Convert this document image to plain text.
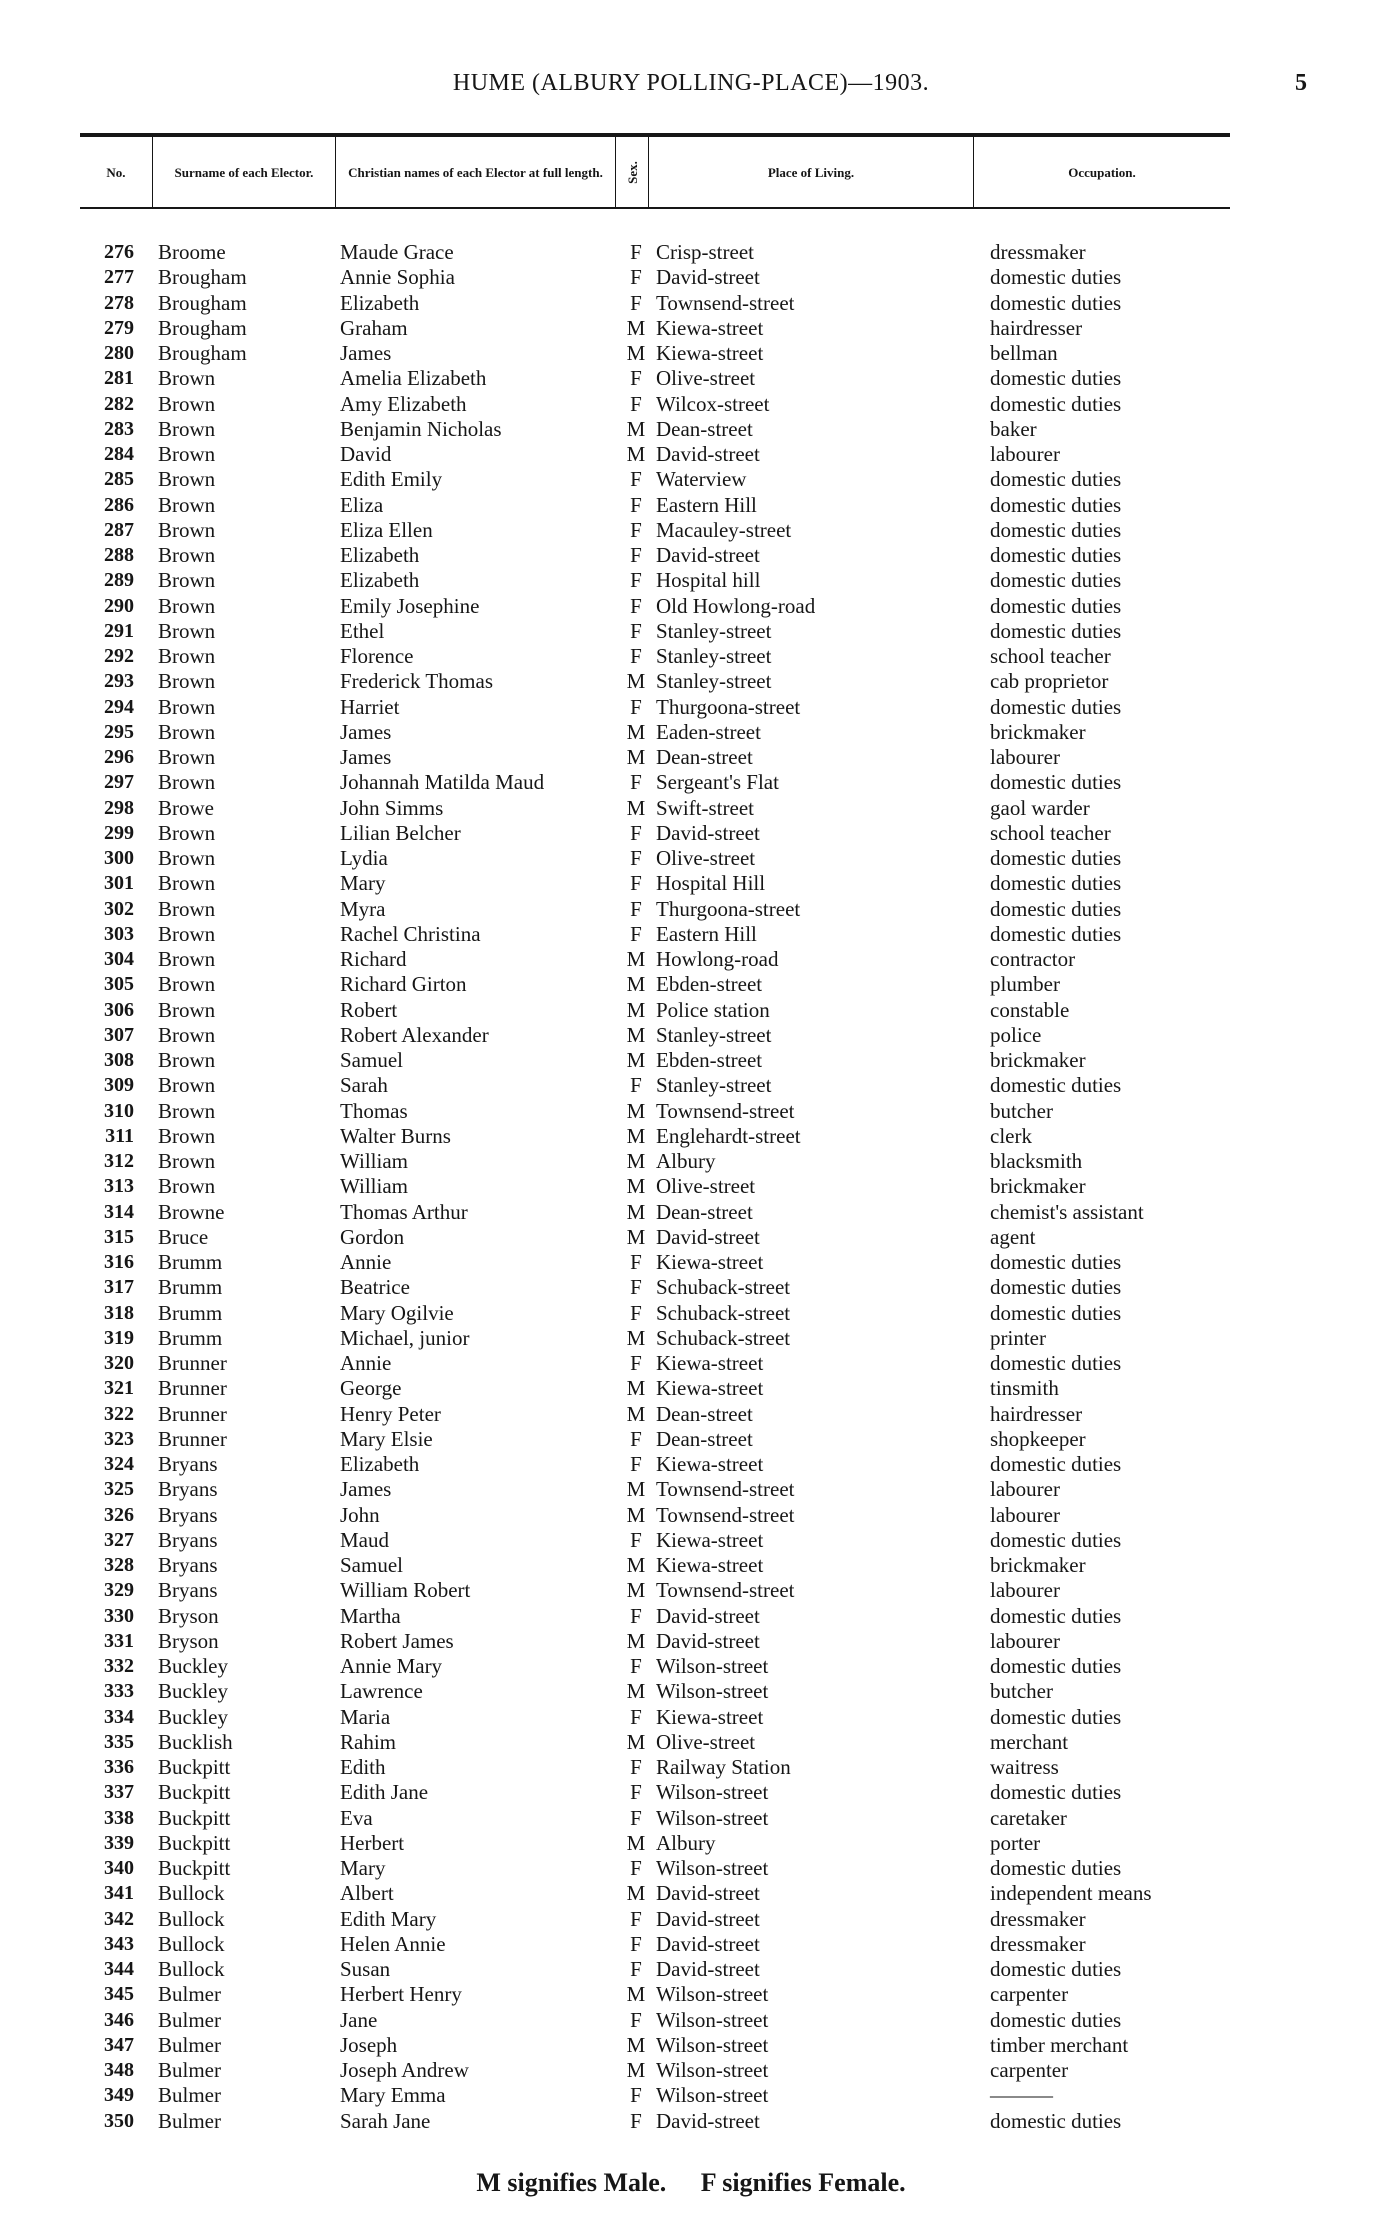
HUME (ALBURY POLLING-PLACE)—1903.	5
No.	Surname of each Elector.	Christian names of each Elector at full length.	Sex.	Place of Living.	Occupation.
276 Broome	Maude Grace	F Crisp-street	dressmaker
277 Brougham	Annie Sophia	F David-street	domestic duties
278 Brougham	Elizabeth	F Townsend-street	domestic duties
279 Brougham	Graham	M Kiewa-street	hairdresser
280 Brougham	James	M Kiewa-street	bellman
281 Brown	Amelia Elizabeth	F Olive-street	domestic duties
282 Brown	Amy Elizabeth	F Wilcox-street	domestic duties
283 Brown	Benjamin Nicholas	M Dean-street	baker
284 Brown	David	M David-street	labourer
285 Brown	Edith Emily	F Waterview	domestic duties
286 Brown	Eliza	F Eastern Hill	domestic duties
287 Brown	Eliza Ellen	F Macauley-street	domestic duties
288 Brown	Elizabeth	F David-street	domestic duties
289 Brown	Elizabeth	F Hospital hill	domestic duties
290 Brown	Emily Josephine	F Old Howlong-road	domestic duties
291 Brown	Ethel	F Stanley-street	domestic duties
292 Brown	Florence	F Stanley-street	school teacher
293 Brown	Frederick Thomas	M Stanley-street	cab proprietor
294 Brown	Harriet	F Thurgoona-street	domestic duties
295 Brown	James	M Eaden-street	brickmaker
296 Brown	James	M Dean-street	labourer
297 Brown	Johannah Matilda Maud	F Sergeant's Flat	domestic duties
298 Browe	John Simms	M Swift-street	gaol warder
299 Brown	Lilian Belcher	F David-street	school teacher
300 Brown	Lydia	F Olive-street	domestic duties
301 Brown	Mary	F Hospital Hill	domestic duties
302 Brown	Myra	F Thurgoona-street	domestic duties
303 Brown	Rachel Christina	F Eastern Hill	domestic duties
304 Brown	Richard	M Howlong-road	contractor
305 Brown	Richard Girton	M Ebden-street	plumber
306 Brown	Robert	M Police station	constable
307 Brown	Robert Alexander	M Stanley-street	police
308 Brown	Samuel	M Ebden-street	brickmaker
309 Brown	Sarah	F Stanley-street	domestic duties
310 Brown	Thomas	M Townsend-street	butcher
311 Brown	Walter Burns	M Englehardt-street	clerk
312 Brown	William	M Albury	blacksmith
313 Brown	William	M Olive-street	brickmaker
314 Browne	Thomas Arthur	M Dean-street	chemist's assistant
315 Bruce	Gordon	M David-street	agent
316 Brumm	Annie	F Kiewa-street	domestic duties
317 Brumm	Beatrice	F Schuback-street	domestic duties
318 Brumm	Mary Ogilvie	F Schuback-street	domestic duties
319 Brumm	Michael, junior	M Schuback-street	printer
320 Brunner	Annie	F Kiewa-street	domestic duties
321 Brunner	George	M Kiewa-street	tinsmith
322 Brunner	Henry Peter	M Dean-street	hairdresser
323 Brunner	Mary Elsie	F Dean-street	shopkeeper
324 Bryans	Elizabeth	F Kiewa-street	domestic duties
325 Bryans	James	M Townsend-street	labourer
326 Bryans	John	M Townsend-street	labourer
327 Bryans	Maud	F Kiewa-street	domestic duties
328 Bryans	Samuel	M Kiewa-street	brickmaker
329 Bryans	William Robert	M Townsend-street	labourer
330 Bryson	Martha	F David-street	domestic duties
331 Bryson	Robert James	M David-street	labourer
332 Buckley	Annie Mary	F Wilson-street	domestic duties
333 Buckley	Lawrence	M Wilson-street	butcher
334 Buckley	Maria	F Kiewa-street	domestic duties
335 Bucklish	Rahim	M Olive-street	merchant
336 Buckpitt	Edith	F Railway Station	waitress
337 Buckpitt	Edith Jane	F Wilson-street	domestic duties
338 Buckpitt	Eva	F Wilson-street	caretaker
339 Buckpitt	Herbert	M Albury	porter
340 Buckpitt	Mary	F Wilson-street	domestic duties
341 Bullock	Albert	M David-street	independent means
342 Bullock	Edith Mary	F David-street	dressmaker
343 Bullock	Helen Annie	F David-street	dressmaker
344 Bullock	Susan	F David-street	domestic duties
345 Bulmer	Herbert Henry	M Wilson-street	carpenter
346 Bulmer	Jane	F Wilson-street	domestic duties
347 Bulmer	Joseph	M Wilson-street	timber merchant
348 Bulmer	Joseph Andrew	M Wilson-street	carpenter
349 Bulmer	Mary Emma	F Wilson-street	———
350 Bulmer	Sarah Jane	F David-street	domestic duties
M signifies Male. F signifies Female.
